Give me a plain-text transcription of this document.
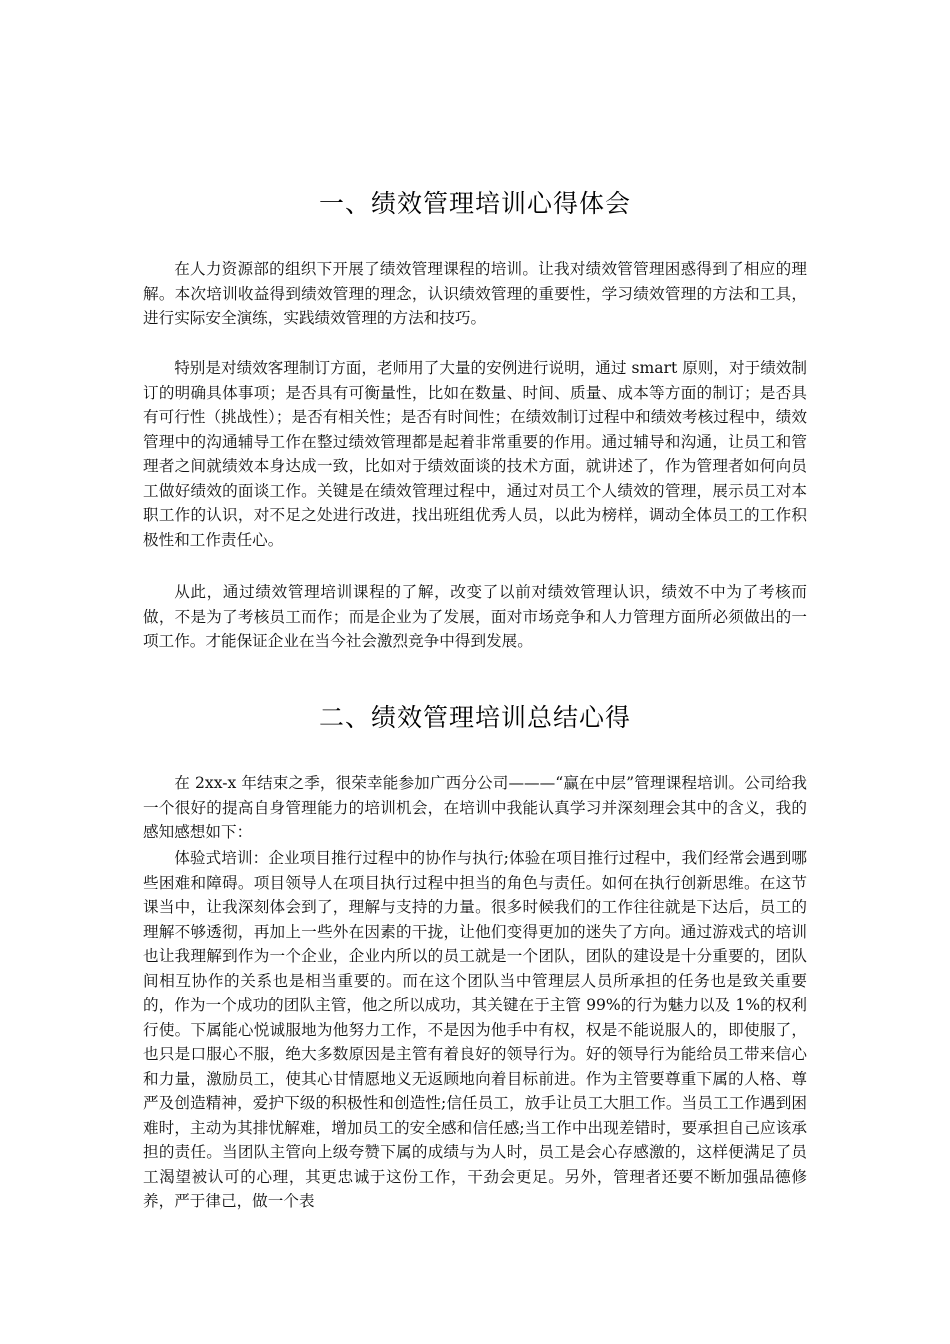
一、绩效管理培训心得体会

在人力资源部的组织下开展了绩效管理课程的培训。让我对绩效管管理困惑得到了相应的理解。本次培训收益得到绩效管理的理念，认识绩效管理的重要性，学习绩效管理的方法和工具，进行实际安全演练，实践绩效管理的方法和技巧。

特别是对绩效客理制订方面，老师用了大量的安例进行说明，通过 smart 原则，对于绩效制订的明确具体事项；是否具有可衡量性，比如在数量、时间、质量、成本等方面的制订；是否具有可行性（挑战性）；是否有相关性；是否有时间性；在绩效制订过程中和绩效考核过程中，绩效管理中的沟通辅导工作在整过绩效管理都是起着非常重要的作用。通过辅导和沟通，让员工和管理者之间就绩效本身达成一致，比如对于绩效面谈的技术方面，就讲述了，作为管理者如何向员工做好绩效的面谈工作。关键是在绩效管理过程中，通过对员工个人绩效的管理，展示员工对本职工作的认识，对不足之处进行改进，找出班组优秀人员，以此为榜样，调动全体员工的工作积极性和工作责任心。

从此，通过绩效管理培训课程的了解，改变了以前对绩效管理认识，绩效不中为了考核而做，不是为了考核员工而作；而是企业为了发展，面对市场竞争和人力管理方面所必须做出的一项工作。才能保证企业在当今社会激烈竞争中得到发展。

二、绩效管理培训总结心得

在 2xx-x 年结束之季，很荣幸能参加广西分公司———“赢在中层”管理课程培训。公司给我一个很好的提高自身管理能力的培训机会，在培训中我能认真学习并深刻理会其中的含义，我的感知感想如下：

体验式培训：企业项目推行过程中的协作与执行;体验在项目推行过程中，我们经常会遇到哪些困难和障碍。项目领导人在项目执行过程中担当的角色与责任。如何在执行创新思维。在这节课当中，让我深刻体会到了，理解与支持的力量。很多时候我们的工作往往就是下达后，员工的理解不够透彻，再加上一些外在因素的干拢，让他们变得更加的迷失了方向。通过游戏式的培训也让我理解到作为一个企业，企业内所以的员工就是一个团队，团队的建设是十分重要的，团队间相互协作的关系也是相当重要的。而在这个团队当中管理层人员所承担的任务也是致关重要的，作为一个成功的团队主管，他之所以成功，其关键在于主管 99%的行为魅力以及 1%的权利行使。下属能心悦诚服地为他努力工作，不是因为他手中有权，权是不能说服人的，即使服了，也只是口服心不服，绝大多数原因是主管有着良好的领导行为。好的领导行为能给员工带来信心和力量，激励员工，使其心甘情愿地义无返顾地向着目标前进。作为主管要尊重下属的人格、尊严及创造精神，爱护下级的积极性和创造性;信任员工，放手让员工大胆工作。当员工工作遇到困难时，主动为其排忧解难，增加员工的安全感和信任感;当工作中出现差错时，要承担自己应该承担的责任。当团队主管向上级夸赞下属的成绩与为人时，员工是会心存感激的，这样便满足了员工渴望被认可的心理，其更忠诚于这份工作，干劲会更足。另外，管理者还要不断加强品德修养，严于律己，做一个表
